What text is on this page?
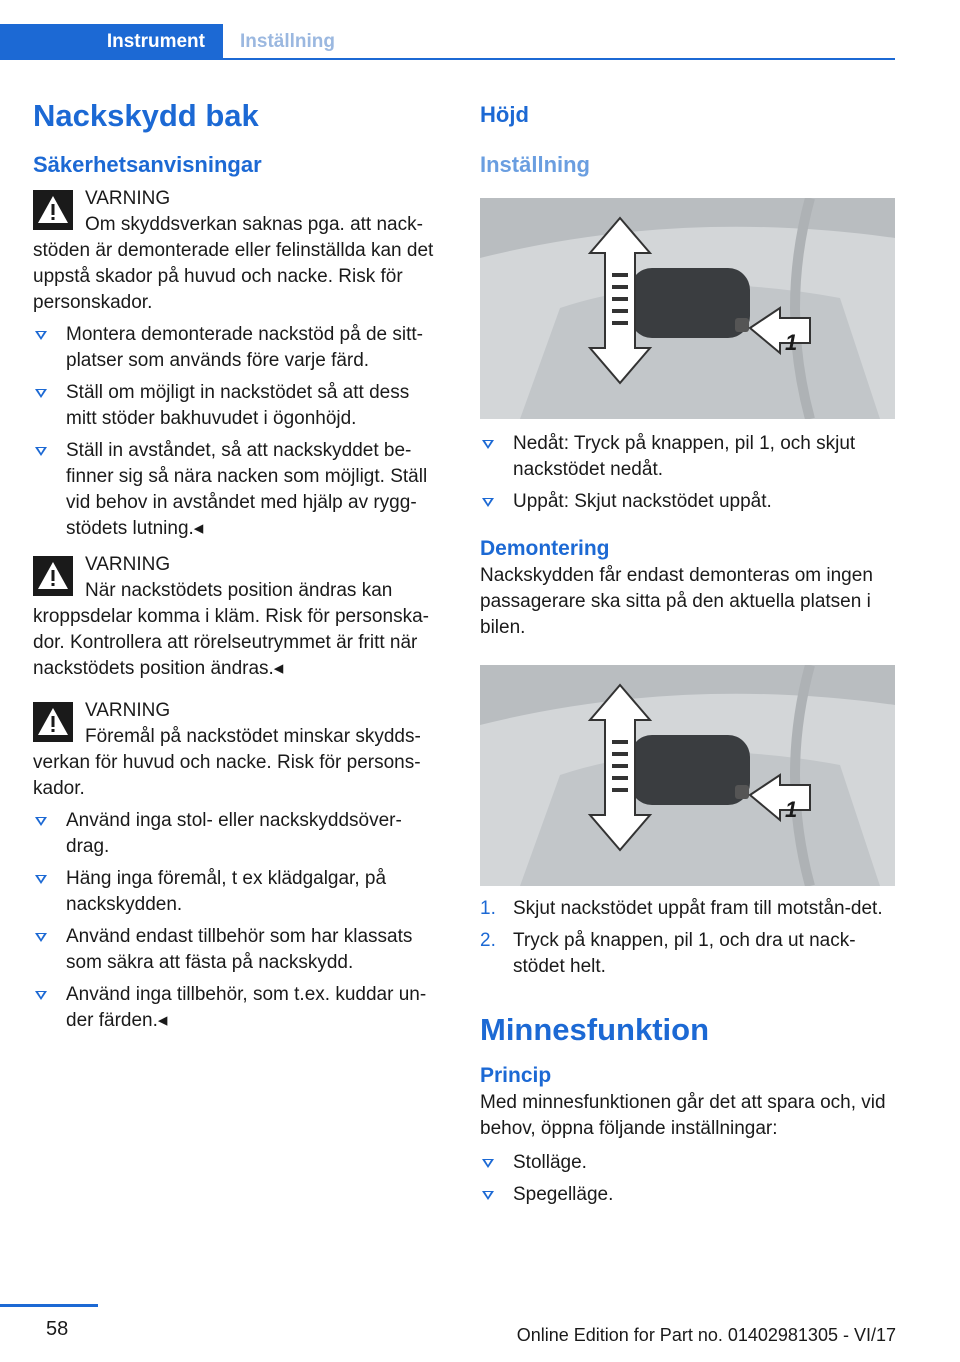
Instrument Inställning
Nackskydd bak
Säkerhetsanvisningar

VARNING

Om skyddsverkan saknas pga. att nack-

stöden är demonterade eller felinställda kan det uppstå skador på huvud och nacke. Risk för personskador.

Montera demonterade nackstöd på de sitt-platser som används före varje färd.
Ställ om möjligt in nackstödet så att dess mitt stöder bakhuvudet i ögonhöjd.
Ställ in avståndet, så att nackskyddet be-finner sig så nära nacken som möjligt. Ställ vid behov in avståndet med hjälp av rygg-stödets lutning.◂

VARNING

När nackstödets position ändras kan

kroppsdelar komma i kläm. Risk för personska-dor. Kontrollera att rörelseutrymmet är fritt när nackstödets position ändras.◂

VARNING

Föremål på nackstödet minskar skydds-

verkan för huvud och nacke. Risk för persons-kador.

Använd inga stol- eller nackskyddsöver-drag.
Häng inga föremål, t ex klädgalgar, på nackskydden.
Använd endast tillbehör som har klassats som säkra att fästa på nackskydd.
Använd inga tillbehör, som t.ex. kuddar un-der färden.◂
Höjd
Inställning
1
Nedåt: Tryck på knappen, pil 1, och skjut nackstödet nedåt.
Uppåt: Skjut nackstödet uppåt.
Demontering

Nackskydden får endast demonteras om ingen passagerare ska sitta på den aktuella platsen i bilen.

1
1. Skjut nackstödet uppåt fram till motstån-det.
2. Tryck på knappen, pil 1, och dra ut nack-stödet helt.
Minnesfunktion
Princip

Med minnesfunktionen går det att spara och, vid behov, öppna följande inställningar:

Stolläge.
Spegelläge.
58	Online Edition for Part no. 01402981305 - VI/17
